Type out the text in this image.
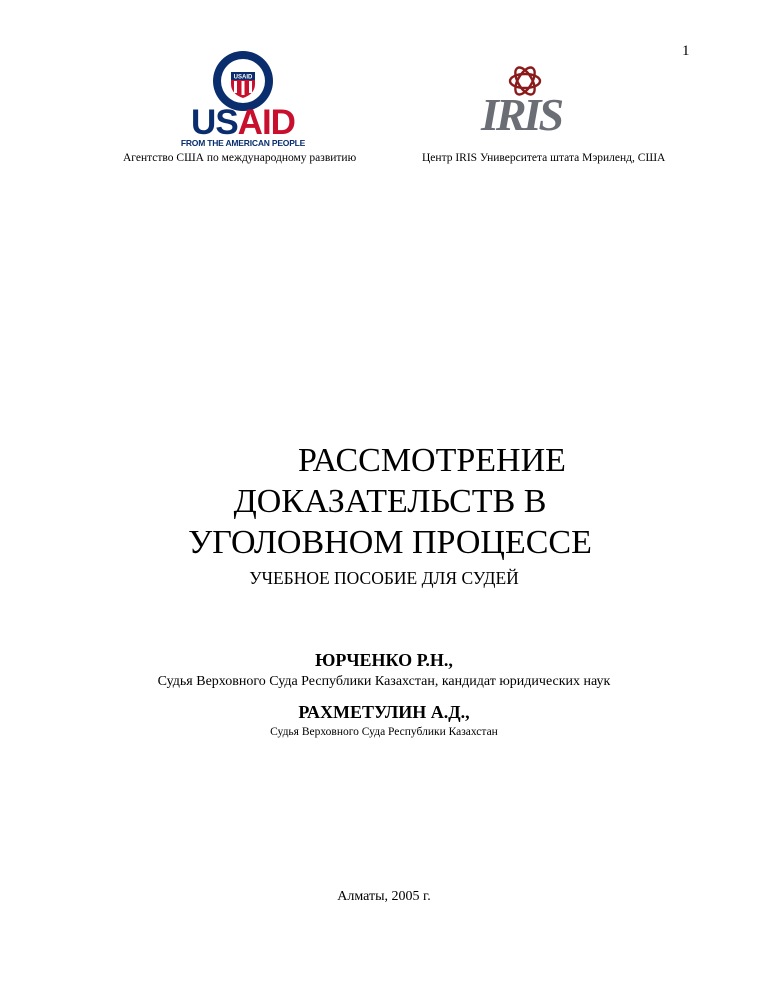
1
USAID
USAID
FROM THE AMERICAN PEOPLE
Агентство США по международному развитию
IRIS
Центр IRIS Университета штата Мэриленд, США
РАССМОТРЕНИЕ
ДОКАЗАТЕЛЬСТВ В
УГОЛОВНОМ ПРОЦЕССЕ
УЧЕБНОЕ ПОСОБИЕ ДЛЯ СУДЕЙ
ЮРЧЕНКО Р.Н.,
Судья Верховного Суда Республики Казахстан, кандидат юридических наук
РАХМЕТУЛИН А.Д.,
Судья Верховного Суда Республики Казахстан
Алматы, 2005 г.
